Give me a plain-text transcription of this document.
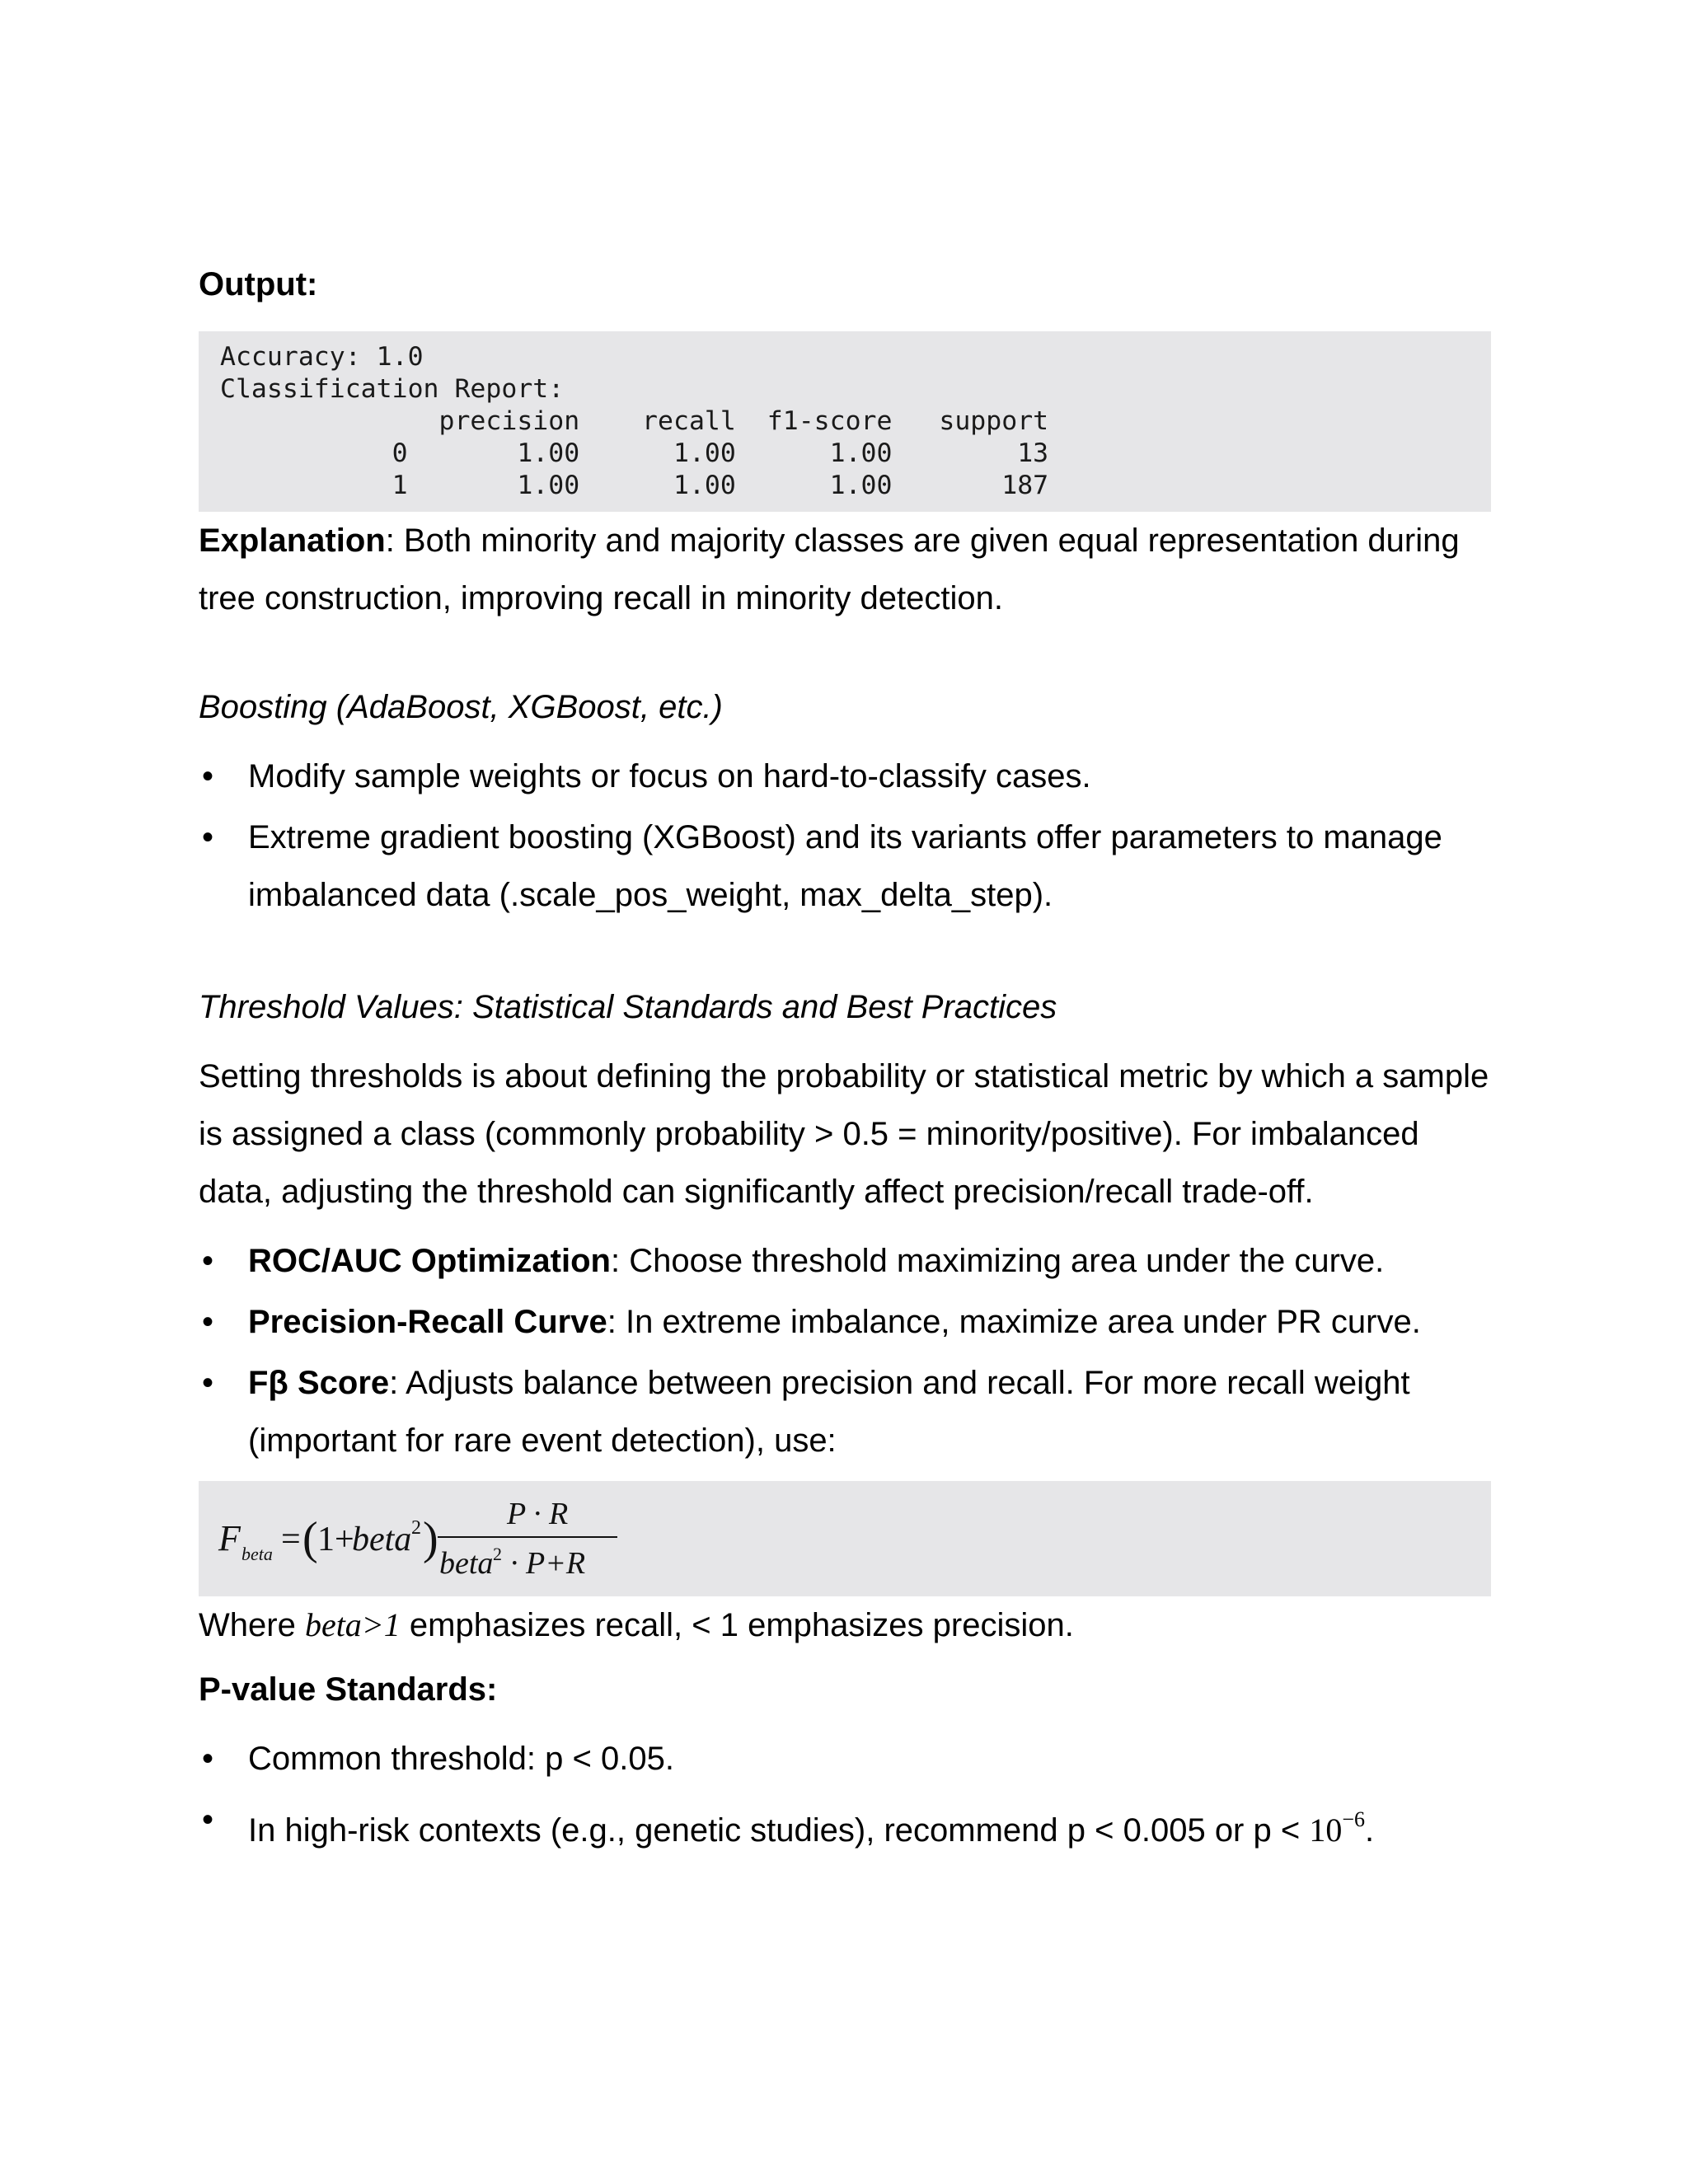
Output:
Accuracy: 1.0
Classification Report:
precision    recall  f1-score   support
0       1.00      1.00      1.00        13
1       1.00      1.00      1.00       187
Explanation: Both minority and majority classes are given equal representation during tree construction, improving recall in minority detection.
Boosting (AdaBoost, XGBoost, etc.)
• Modify sample weights or focus on hard-to-classify cases.
• Extreme gradient boosting (XGBoost) and its variants offer parameters to manage imbalanced data (.scale_pos_weight, max_delta_step).
Threshold Values: Statistical Standards and Best Practices
Setting thresholds is about defining the probability or statistical metric by which a sample is assigned a class (commonly probability > 0.5 = minority/positive). For imbalanced data, adjusting the threshold can significantly affect precision/recall trade-off.
• ROC/AUC Optimization: Choose threshold maximizing area under the curve.
• Precision-Recall Curve: In extreme imbalance, maximize area under PR curve.
• Fβ Score: Adjusts balance between precision and recall. For more recall weight (important for rare event detection), use:
F beta = ( 1+
beta 2 ) P · R
beta 2 · P+R
Where beta>1 emphasizes recall, < 1 emphasizes precision.
P-value Standards:
• Common threshold: p < 0.05.
• In high-risk contexts (e.g., genetic studies), recommend p < 0.005 or $p < 10^{-6}$.
